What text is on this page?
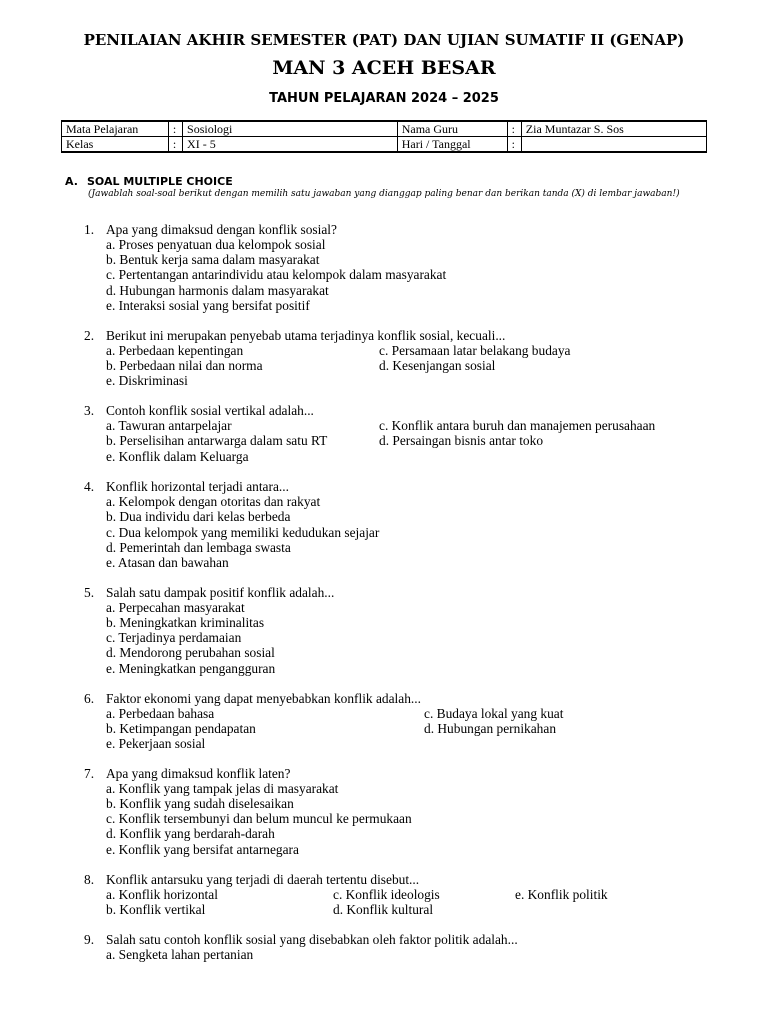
PENILAIAN AKHIR SEMESTER (PAT) DAN UJIAN SUMATIF II (GENAP)
MAN 3 ACEH BESAR
TAHUN PELAJARAN 2024 – 2025
Mata Pelajaran	:	Sosiologi	Nama Guru	:	Zia Muntazar S. Sos
Kelas	:	XI - 5	Hari / Tanggal	:	
A. SOAL MULTIPLE CHOICE
(Jawablah soal-soal berikut dengan memilih satu jawaban yang dianggap paling benar dan berikan tanda (X) di lembar jawaban!)
1. Apa yang dimaksud dengan konflik sosial?
a. Proses penyatuan dua kelompok sosial
b. Bentuk kerja sama dalam masyarakat
c. Pertentangan antarindividu atau kelompok dalam masyarakat
d. Hubungan harmonis dalam masyarakat
e. Interaksi sosial yang bersifat positif
2. Berikut ini merupakan penyebab utama terjadinya konflik sosial, kecuali...
a. Perbedaan kepentingan
b. Perbedaan nilai dan norma
c. Persamaan latar belakang budaya
d. Kesenjangan sosial
e. Diskriminasi
3. Contoh konflik sosial vertikal adalah...
a. Tawuran antarpelajar
b. Perselisihan antarwarga dalam satu RT
c. Konflik antara buruh dan manajemen perusahaan
d. Persaingan bisnis antar toko
e. Konflik dalam Keluarga
4. Konflik horizontal terjadi antara...
a. Kelompok dengan otoritas dan rakyat
b. Dua individu dari kelas berbeda
c. Dua kelompok yang memiliki kedudukan sejajar
d. Pemerintah dan lembaga swasta
e. Atasan dan bawahan
5. Salah satu dampak positif konflik adalah...
a. Perpecahan masyarakat
b. Meningkatkan kriminalitas
c. Terjadinya perdamaian
d. Mendorong perubahan sosial
e. Meningkatkan pengangguran
6. Faktor ekonomi yang dapat menyebabkan konflik adalah...
a. Perbedaan bahasa
b. Ketimpangan pendapatan
c. Budaya lokal yang kuat
d. Hubungan pernikahan
e. Pekerjaan sosial
7. Apa yang dimaksud konflik laten?
a. Konflik yang tampak jelas di masyarakat
b. Konflik yang sudah diselesaikan
c. Konflik tersembunyi dan belum muncul ke permukaan
d. Konflik yang berdarah-darah
e. Konflik yang bersifat antarnegara
8. Konflik antarsuku yang terjadi di daerah tertentu disebut...
a. Konflik horizontal
b. Konflik vertikal
c. Konflik ideologis
d. Konflik kultural
e. Konflik politik
9. Salah satu contoh konflik sosial yang disebabkan oleh faktor politik adalah...
a. Sengketa lahan pertanian
